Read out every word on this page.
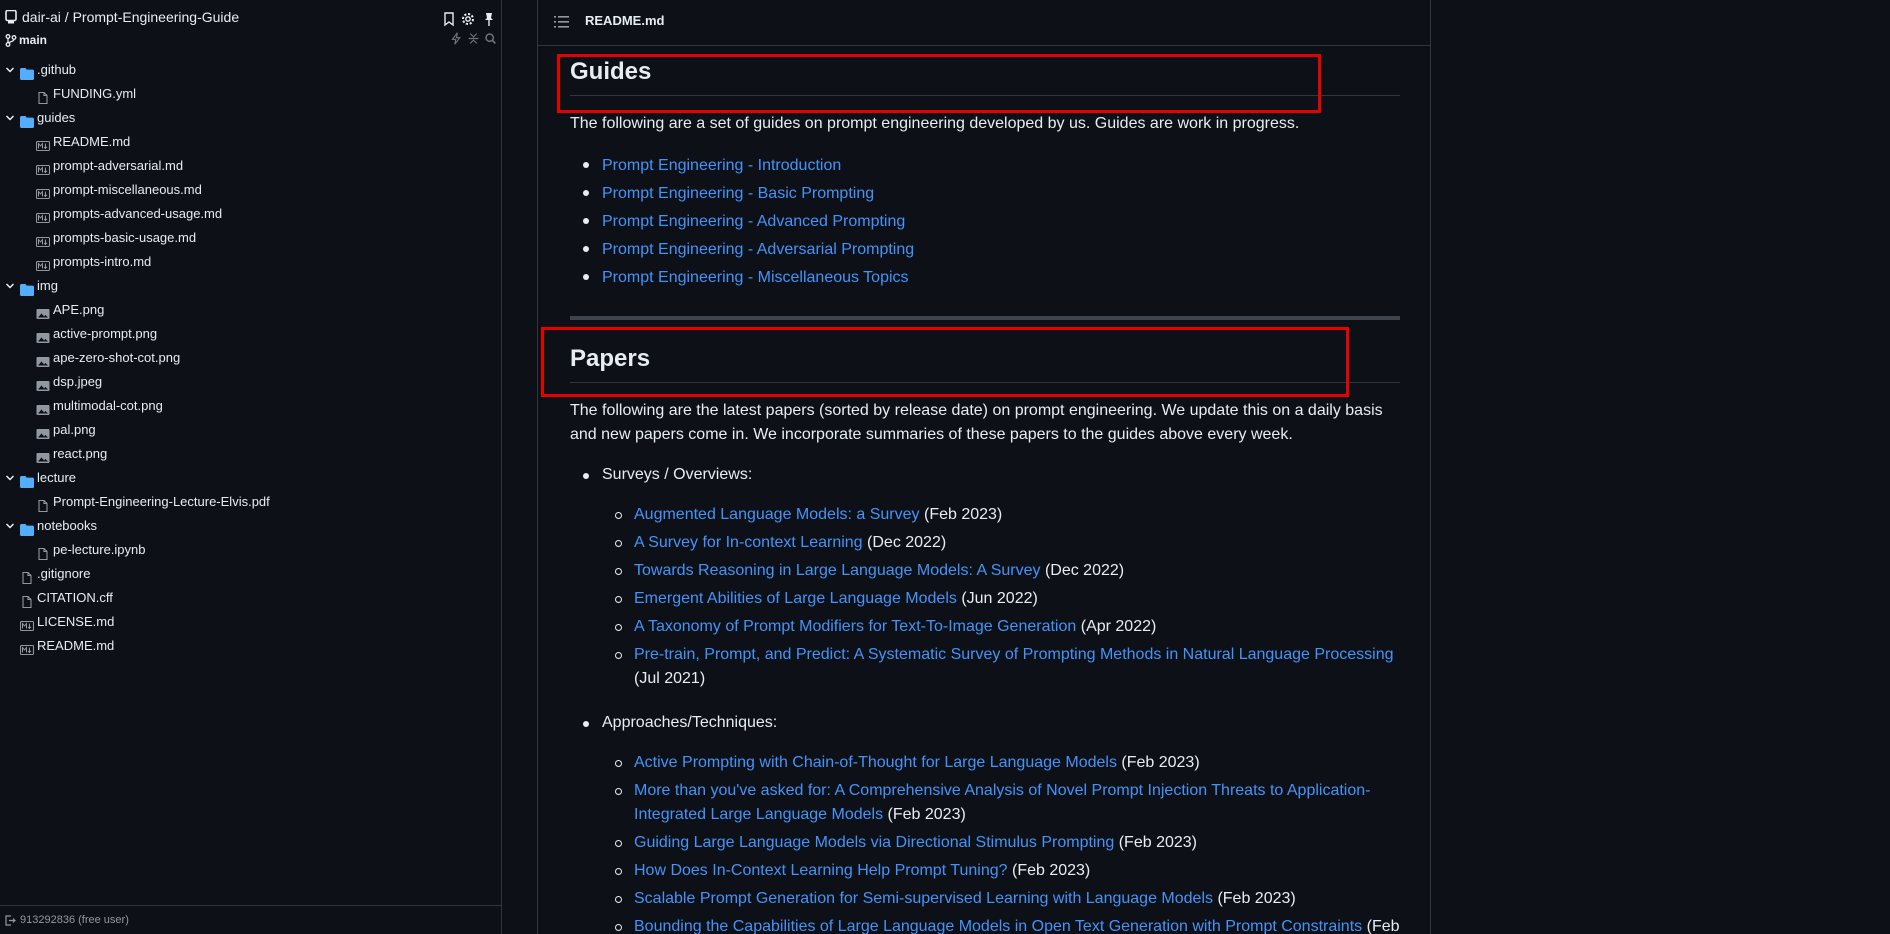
dair-ai / Prompt-Engineering-Guide
main
.github
FUNDING.yml
guides
README.md
prompt-adversarial.md
prompt-miscellaneous.md
prompts-advanced-usage.md
prompts-basic-usage.md
prompts-intro.md
img
APE.png
active-prompt.png
ape-zero-shot-cot.png
dsp.jpeg
multimodal-cot.png
pal.png
react.png
lecture
Prompt-Engineering-Lecture-Elvis.pdf
notebooks
pe-lecture.ipynb
.gitignore
CITATION.cff
LICENSE.md
README.md
913292836 (free user)
README.md
Guides

The following are a set of guides on prompt engineering developed by us. Guides are work in progress.

Prompt Engineering - Introduction
Prompt Engineering - Basic Prompting
Prompt Engineering - Advanced Prompting
Prompt Engineering - Adversarial Prompting
Prompt Engineering - Miscellaneous Topics
Papers

The following are the latest papers (sorted by release date) on prompt engineering. We update this on a daily basis and new papers come in. We incorporate summaries of these papers to the guides above every week.

Surveys / Overviews:
Augmented Language Models: a Survey (Feb 2023)
A Survey for In-context Learning (Dec 2022)
Towards Reasoning in Large Language Models: A Survey (Dec 2022)
Emergent Abilities of Large Language Models (Jun 2022)
A Taxonomy of Prompt Modifiers for Text-To-Image Generation (Apr 2022)
Pre-train, Prompt, and Predict: A Systematic Survey of Prompting Methods in Natural Language Processing (Jul 2021)
Approaches/Techniques:
Active Prompting with Chain-of-Thought for Large Language Models (Feb 2023)
More than you've asked for: A Comprehensive Analysis of Novel Prompt Injection Threats to Application-Integrated Large Language Models (Feb 2023)
Guiding Large Language Models via Directional Stimulus Prompting (Feb 2023)
How Does In-Context Learning Help Prompt Tuning? (Feb 2023)
Scalable Prompt Generation for Semi-supervised Learning with Language Models (Feb 2023)
Bounding the Capabilities of Large Language Models in Open Text Generation with Prompt Constraints (Feb
